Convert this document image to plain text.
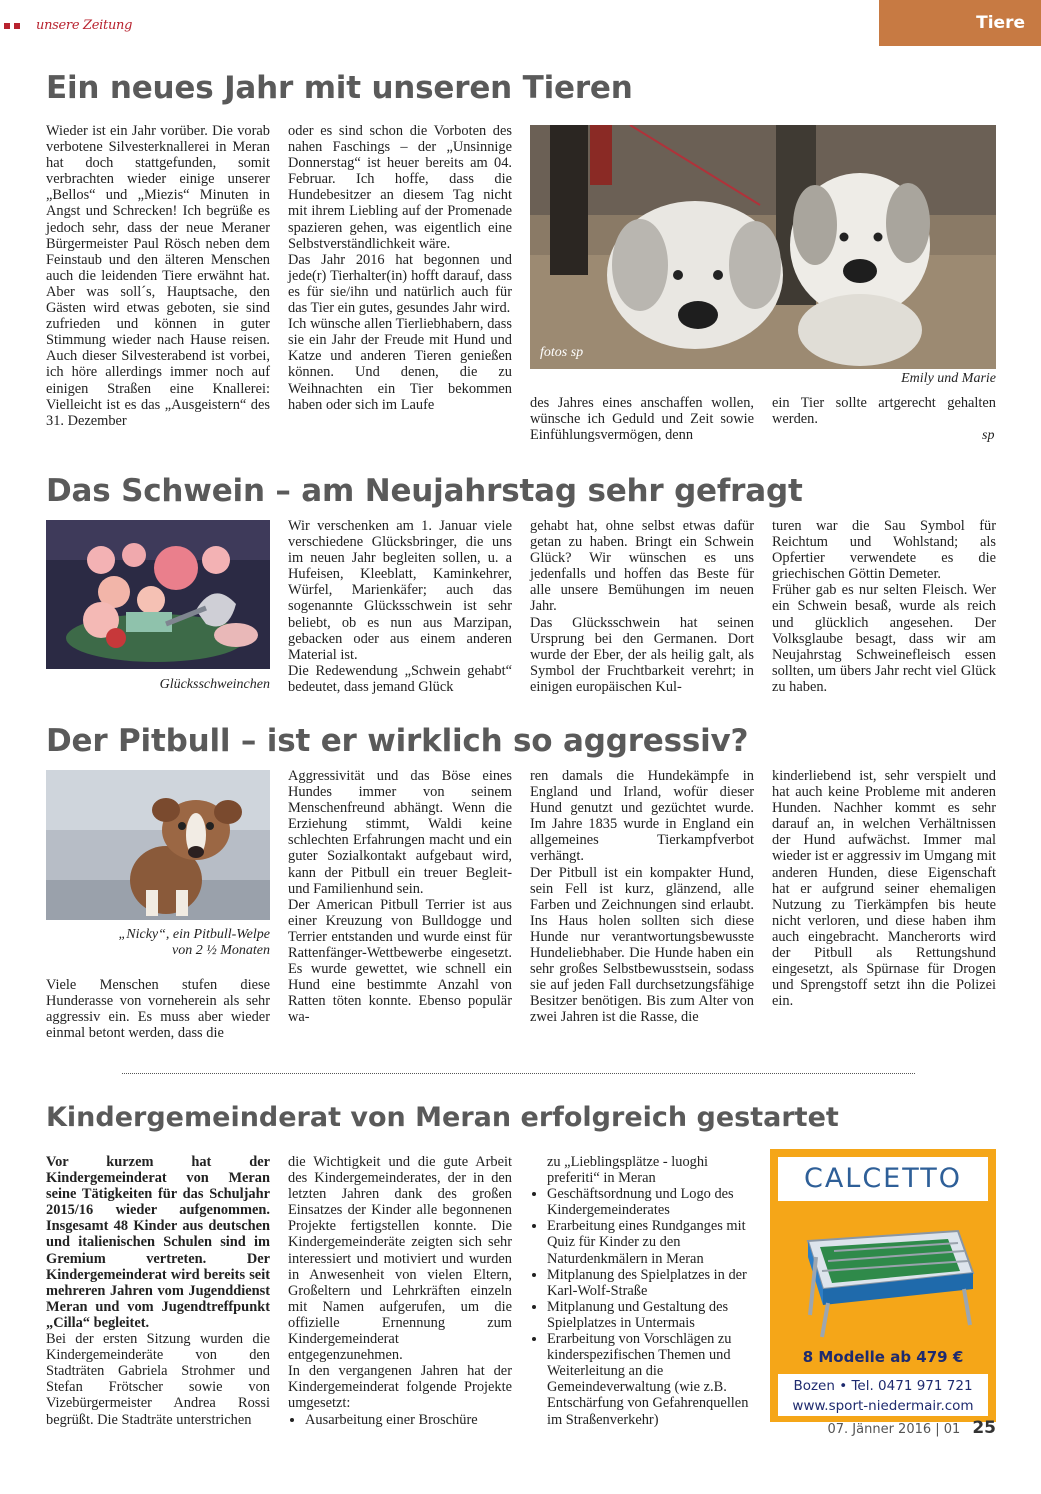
unsere Zeitung	Tiere
Ein neues Jahr mit unseren Tieren

Wieder ist ein Jahr vorüber. Die vorab verbotene Silvesterknallerei in Meran hat doch stattgefunden, somit verbrachten wieder einige unserer „Bellos“ und „Miezis“ Minuten in Angst und Schrecken! Ich begrüße es jedoch sehr, dass der neue Meraner Bürgermeister Paul Rösch neben dem Feinstaub und den älteren Menschen auch die leidenden Tiere erwähnt hat. Aber was soll´s, Hauptsache, den Gästen wird etwas geboten, sie sind zufrieden und können in guter Stimmung wieder nach Hause reisen. Auch dieser Silvesterabend ist vorbei, ich höre allerdings immer noch auf einigen Straßen eine Knallerei: Vielleicht ist es das „Ausgeistern“ des 31. Dezember

oder es sind schon die Vorboten des nahen Faschings – der „Unsinnige Donnerstag“ ist heuer bereits am 04. Februar. Ich hoffe, dass die Hundebesitzer an diesem Tag nicht mit ihrem Liebling auf der Promenade spazieren gehen, was eigentlich eine Selbstverständlichkeit wäre.

Das Jahr 2016 hat begonnen und jede(r) Tierhalter(in) hofft darauf, dass es für sie/ihn und natürlich auch für das Tier ein gutes, gesundes Jahr wird.

Ich wünsche allen Tierliebhabern, dass sie ein Jahr der Freude mit Hund und Katze und anderen Tieren genießen können. Und denen, die zu Weihnachten ein Tier bekommen haben oder sich im Laufe

fotos sp
Emily und Marie

des Jahres eines anschaffen wollen, wünsche ich Geduld und Zeit sowie Einfühlungsvermögen, denn

ein Tier sollte artgerecht gehalten werden.

sp
Das Schwein – am Neujahrstag sehr gefragt
Glücksschweinchen

Wir verschenken am 1. Januar viele verschiedene Glücksbringer, die uns im neuen Jahr begleiten sollen, u. a Hufeisen, Kleeblatt, Kaminkehrer, Würfel, Marienkäfer; auch das sogenannte Glücksschwein ist sehr beliebt, ob es nun aus Marzipan, gebacken oder aus einem anderen Material ist.

Die Redewendung „Schwein gehabt“ bedeutet, dass jemand Glück

gehabt hat, ohne selbst etwas dafür getan zu haben. Bringt ein Schwein Glück? Wir wünschen es uns jedenfalls und hoffen das Beste für alle unsere Bemühungen im neuen Jahr.

Das Glücksschwein hat seinen Ursprung bei den Germanen. Dort wurde der Eber, der als heilig galt, als Symbol der Fruchtbarkeit verehrt; in einigen europäischen Kul-

turen war die Sau Symbol für Reichtum und Wohlstand; als Opfertier verwendete es die griechischen Göttin Demeter.

Früher gab es nur selten Fleisch. Wer ein Schwein besaß, wurde als reich und glücklich angesehen. Der Volksglaube besagt, dass wir am Neujahrstag Schweinefleisch essen sollten, um übers Jahr recht viel Glück zu haben.

Der Pitbull – ist er wirklich so aggressiv?
„Nicky“, ein Pitbull-Welpe
von 2 ½ Monaten

Viele Menschen stufen diese Hunderasse von vorneherein als sehr aggressiv ein. Es muss aber wieder einmal betont werden, dass die

Aggressivität und das Böse eines Hundes immer von seinem Menschenfreund abhängt. Wenn die Erziehung stimmt, Waldi keine schlechten Erfahrungen macht und ein guter Sozialkontakt aufgebaut wird, kann der Pitbull ein treuer Begleit- und Familienhund sein.

Der American Pitbull Terrier ist aus einer Kreuzung von Bulldogge und Terrier entstanden und wurde einst für Rattenfänger-Wettbewerbe eingesetzt. Es wurde gewettet, wie schnell ein Hund eine bestimmte Anzahl von Ratten töten konnte. Ebenso populär wa-

ren damals die Hundekämpfe in England und Irland, wofür dieser Hund genutzt und gezüchtet wurde. Im Jahre 1835 wurde in England ein allgemeines Tierkampfverbot verhängt.

Der Pitbull ist ein kompakter Hund, sein Fell ist kurz, glänzend, alle Farben und Zeichnungen sind erlaubt. Ins Haus holen sollten sich diese Hunde nur verantwortungsbewusste Hundeliebhaber. Die Hunde haben ein sehr großes Selbstbewusstsein, sodass sie auf jeden Fall durchsetzungsfähige Besitzer benötigen. Bis zum Alter von zwei Jahren ist die Rasse, die

kinderliebend ist, sehr verspielt und hat auch keine Probleme mit anderen Hunden. Nachher kommt es sehr darauf an, in welchen Verhältnissen der Hund aufwächst. Immer mal wieder ist er aggressiv im Umgang mit anderen Hunden, diese Eigenschaft hat er aufgrund seiner ehemaligen Nutzung zu Tierkämpfen bis heute nicht verloren, und diese haben ihm auch eingebracht. Mancherorts wird der Pitbull als Rettungshund eingesetzt, als Spürnase für Drogen und Sprengstoff setzt ihn die Polizei ein.

Kindergemeinderat von Meran erfolgreich gestartet

Vor kurzem hat der Kindergemeinderat von Meran seine Tätigkeiten für das Schuljahr 2015/16 wieder aufgenommen. Insgesamt 48 Kinder aus deutschen und italienischen Schulen sind im Gremium vertreten. Der Kindergemeinderat wird bereits seit mehreren Jahren vom Jugenddienst Meran und vom Jugendtreffpunkt „Cilla“ begleitet.

Bei der ersten Sitzung wurden die Kindergemeinderäte von den Stadträten Gabriela Strohmer und Stefan Frötscher sowie von Vizebürgermeister Andrea Rossi begrüßt. Die Stadträte unterstrichen

die Wichtigkeit und die gute Arbeit des Kindergemeinderates, der in den letzten Jahren dank des großen Einsatzes der Kinder alle begonnenen Projekte fertigstellen konnte. Die Kindergemeinderäte zeigten sich sehr interessiert und motiviert und wurden in Anwesenheit von vielen Eltern, Großeltern und Lehrkräften einzeln mit Namen aufgerufen, um die offizielle Ernennung zum Kindergemeinderat entgegenzunehmen.

In den vergangenen Jahren hat der Kindergemeinderat folgende Projekte umgesetzt:

• Ausarbeitung einer Broschüre

zu „Lieblingsplätze - luoghi preferiti“ in Meran

• Geschäftsordnung und Logo des Kindergemeinderates
• Erarbeitung eines Rundganges mit Quiz für Kinder zu den Naturdenkmälern in Meran
• Mitplanung des Spielplatzes in der Karl-Wolf-Straße
• Mitplanung und Gestaltung des Spielplatzes in Untermais
• Erarbeitung von Vorschlägen zu kinderspezifischen Themen und Weiterleitung an die Gemeindeverwaltung (wie z.B. Entschärfung von Gefahrenquellen im Straßenverkehr)
CALCETTO
8 Modelle ab 479 €
Bozen • Tel. 0471 971 721
www.sport-niedermair.com
07. Jänner 2016 | 01 25
